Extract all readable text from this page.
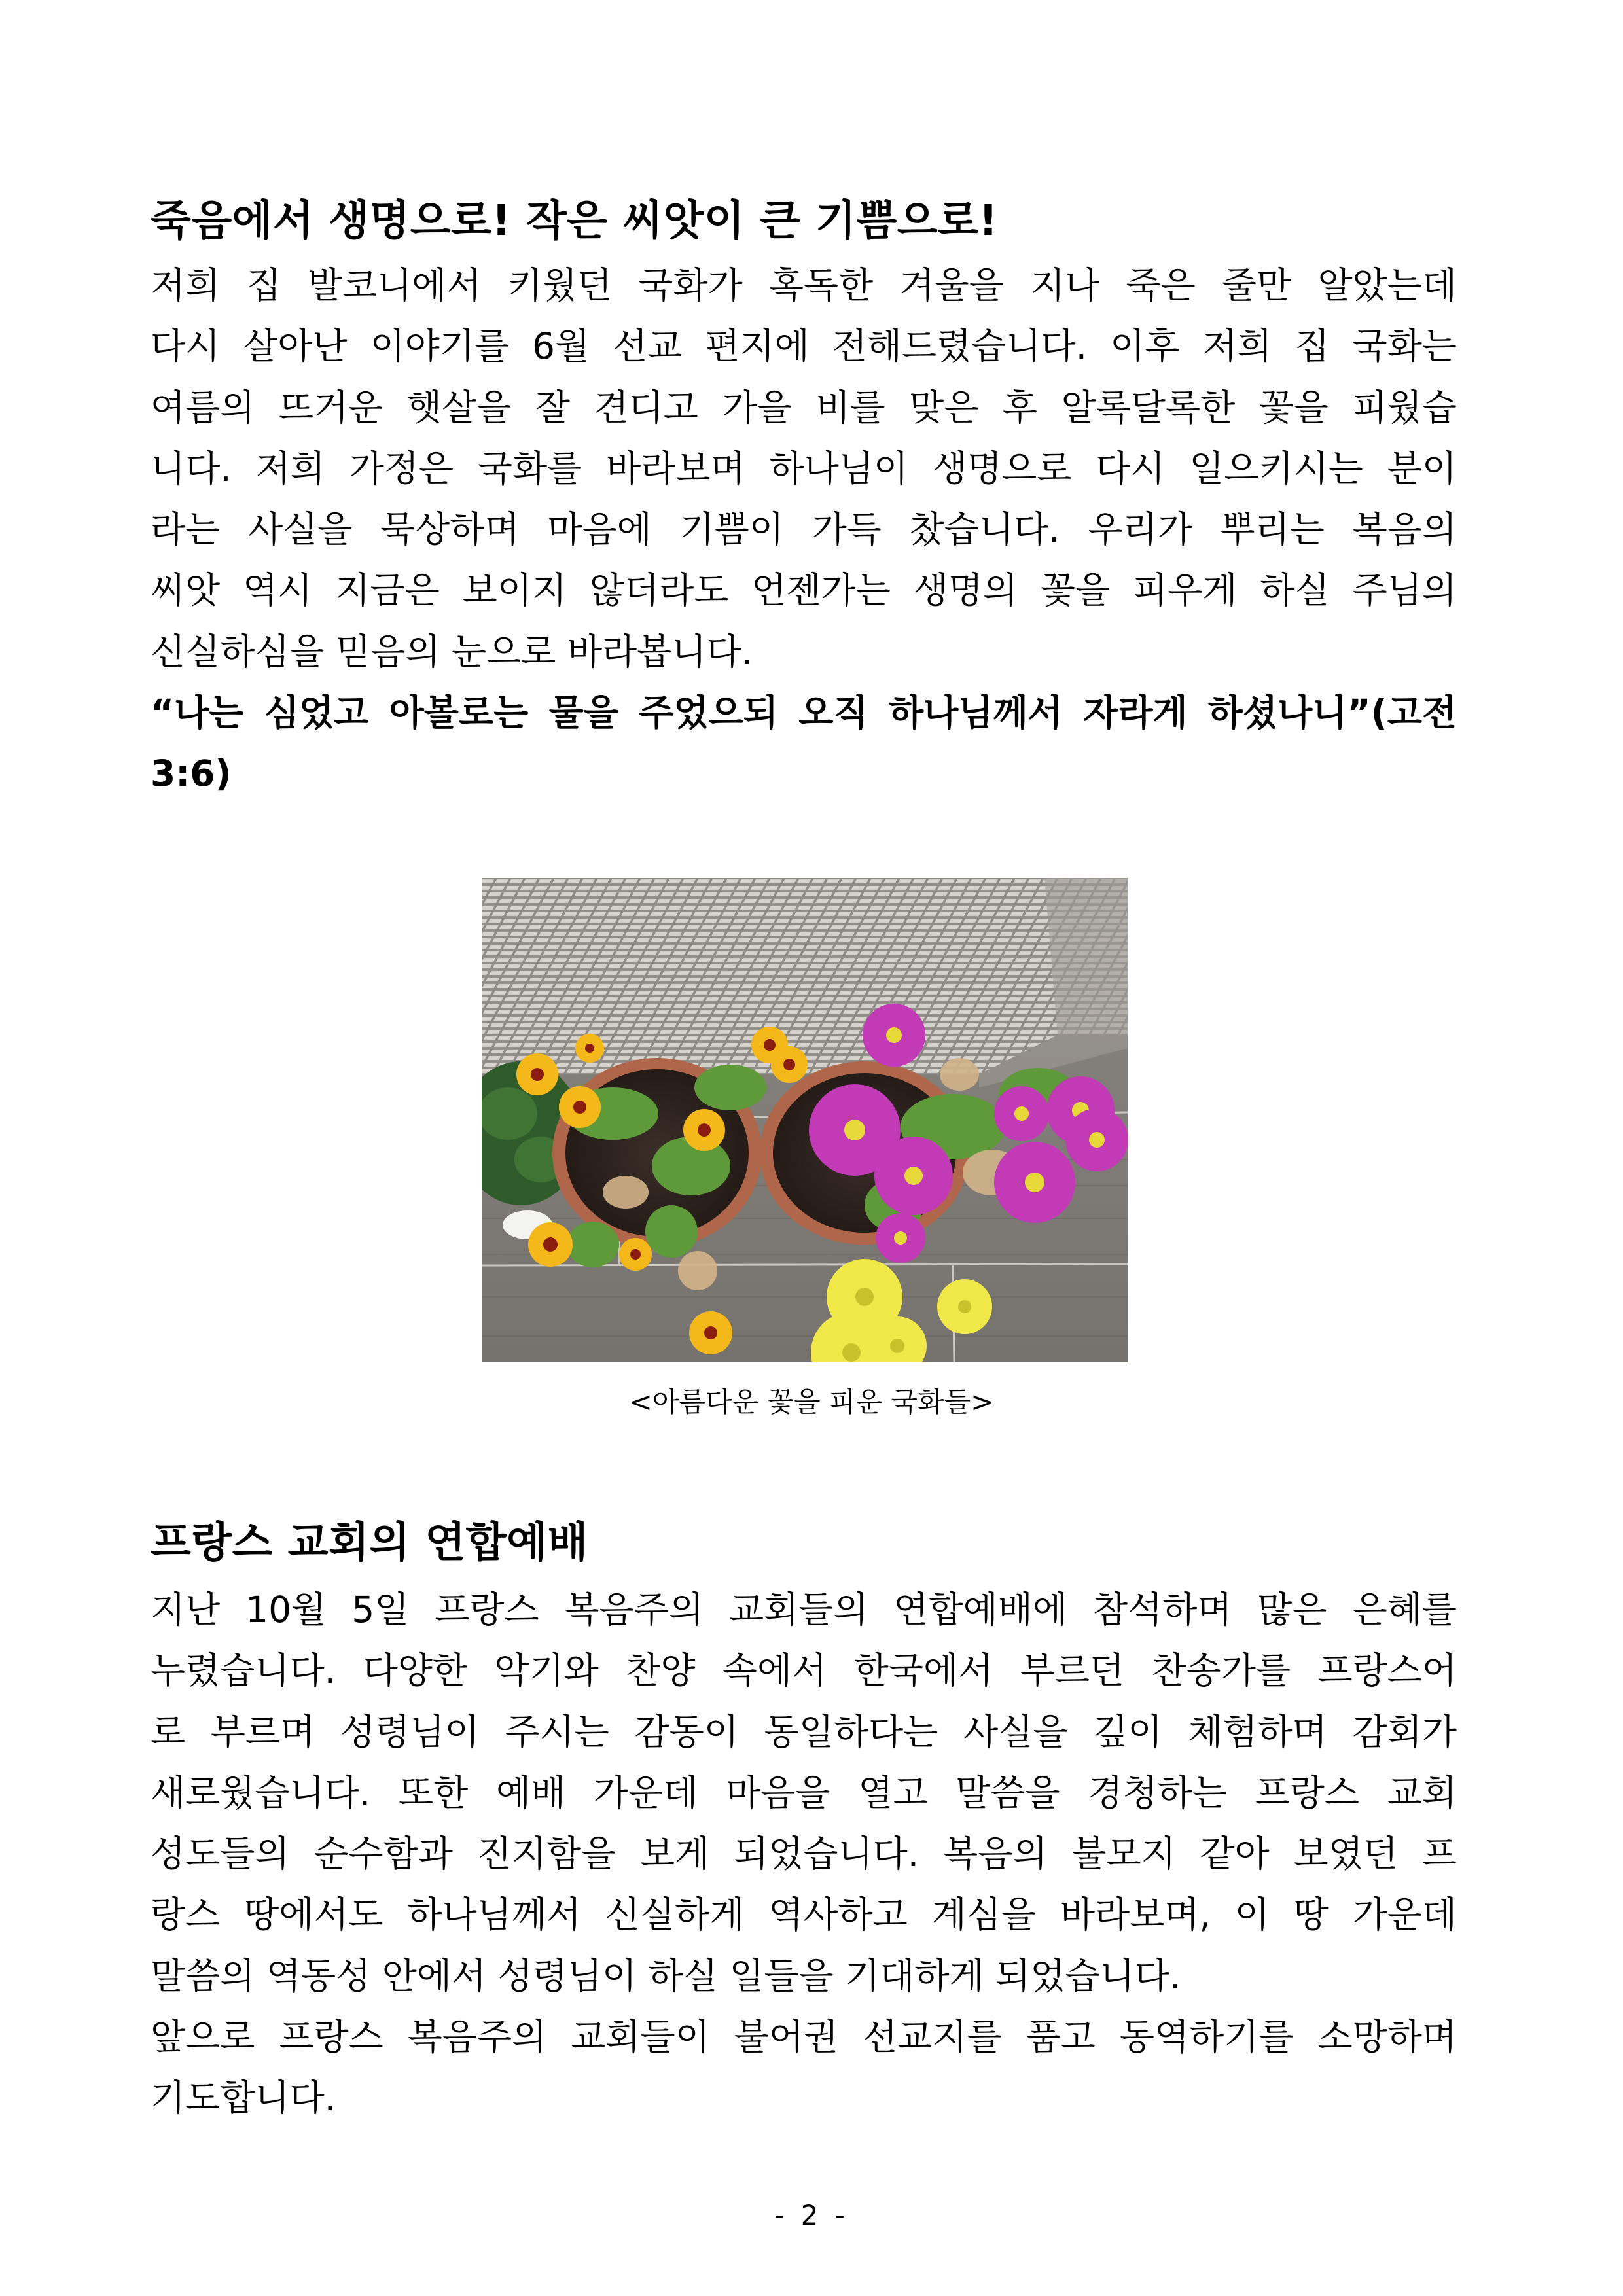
죽음에서 생명으로! 작은 씨앗이 큰 기쁨으로!
저희 집 발코니에서 키웠던 국화가 혹독한 겨울을 지나 죽은 줄만 알았는데
다시 살아난 이야기를 6월 선교 편지에 전해드렸습니다. 이후 저희 집 국화는
여름의 뜨거운 햇살을 잘 견디고 가을 비를 맞은 후 알록달록한 꽃을 피웠습
니다. 저희 가정은 국화를 바라보며 하나님이 생명으로 다시 일으키시는 분이
라는 사실을 묵상하며 마음에 기쁨이 가득 찼습니다. 우리가 뿌리는 복음의
씨앗 역시 지금은 보이지 않더라도 언젠가는 생명의 꽃을 피우게 하실 주님의
신실하심을 믿음의 눈으로 바라봅니다.
“나는 심었고 아볼로는 물을 주었으되 오직 하나님께서 자라게 하셨나니”(고전
3:6)
<아름다운 꽃을 피운 국화들>
프랑스 교회의 연합예배
지난 10월 5일 프랑스 복음주의 교회들의 연합예배에 참석하며 많은 은혜를
누렸습니다. 다양한 악기와 찬양 속에서 한국에서 부르던 찬송가를 프랑스어
로 부르며 성령님이 주시는 감동이 동일하다는 사실을 깊이 체험하며 감회가
새로웠습니다. 또한 예배 가운데 마음을 열고 말씀을 경청하는 프랑스 교회
성도들의 순수함과 진지함을 보게 되었습니다. 복음의 불모지 같아 보였던 프
랑스 땅에서도 하나님께서 신실하게 역사하고 계심을 바라보며, 이 땅 가운데
말씀의 역동성 안에서 성령님이 하실 일들을 기대하게 되었습니다.
앞으로 프랑스 복음주의 교회들이 불어권 선교지를 품고 동역하기를 소망하며
기도합니다.
- 2 -
